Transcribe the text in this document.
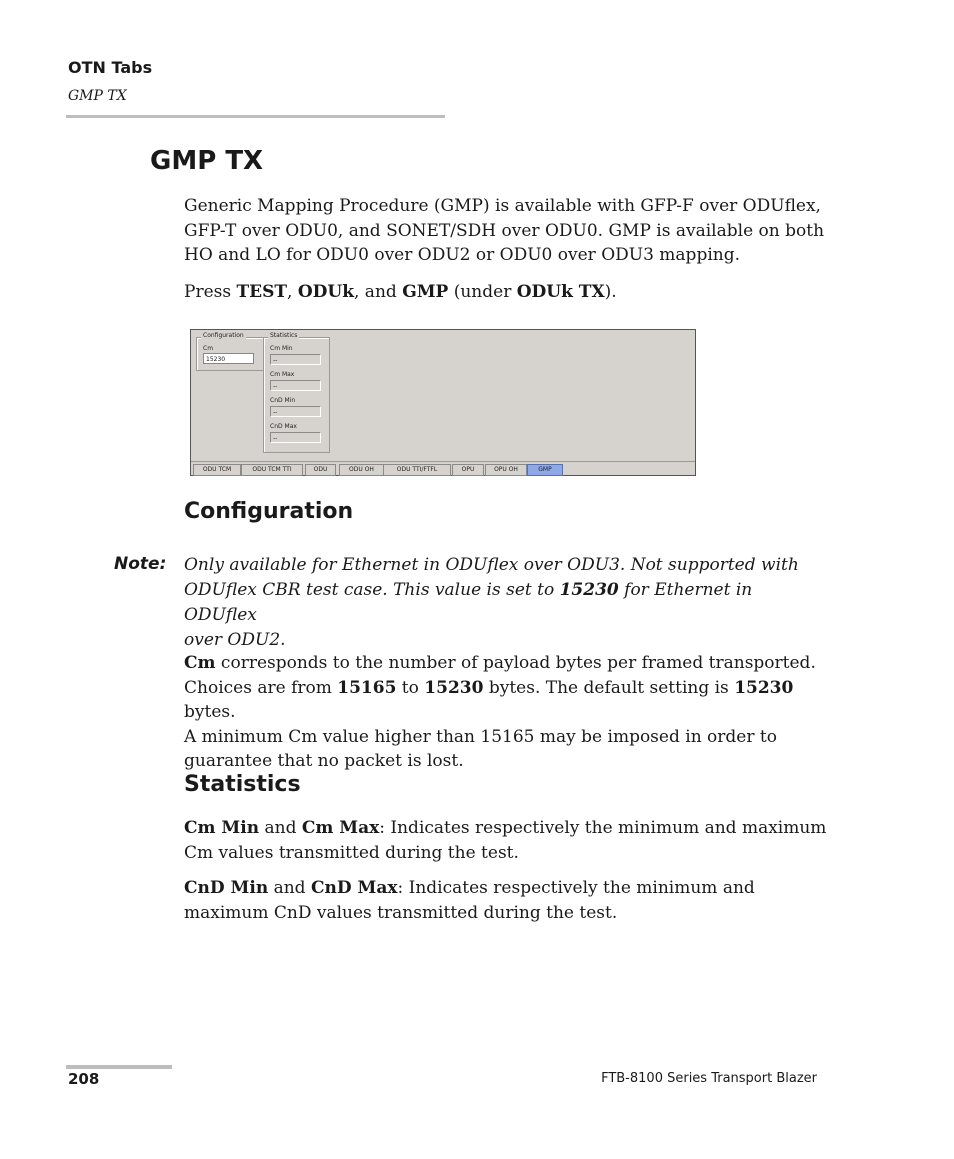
OTN Tabs
GMP TX
GMP TX
Generic Mapping Procedure (GMP) is available with GFP-F over ODUflex,
GFP-T over ODU0, and SONET/SDH over ODU0. GMP is available on both
HO and LO for ODU0 over ODU2 or ODU0 over ODU3 mapping.
Press TEST, ODUk, and GMP (under ODUk TX).
Configuration
Cm
15230
Statistics
Cm Min
--
Cm Max
--
CnD Min
--
CnD Max
--
ODU TCM	ODU TCM TTI	ODU	ODU OH	ODU TTI/FTFL	OPU	OPU OH	GMP
Configuration
Note: Only available for Ethernet in ODUflex over ODU3. Not supported with
ODUflex CBR test case. This value is set to 15230 for Ethernet in ODUflex
over ODU2.
Cm corresponds to the number of payload bytes per framed transported.
Choices are from 15165 to 15230 bytes. The default setting is 15230 bytes.
A minimum Cm value higher than 15165 may be imposed in order to
guarantee that no packet is lost.
Statistics
Cm Min and Cm Max: Indicates respectively the minimum and maximum
Cm values transmitted during the test.
CnD Min and CnD Max: Indicates respectively the minimum and
maximum CnD values transmitted during the test.
208	FTB-8100 Series Transport Blazer
